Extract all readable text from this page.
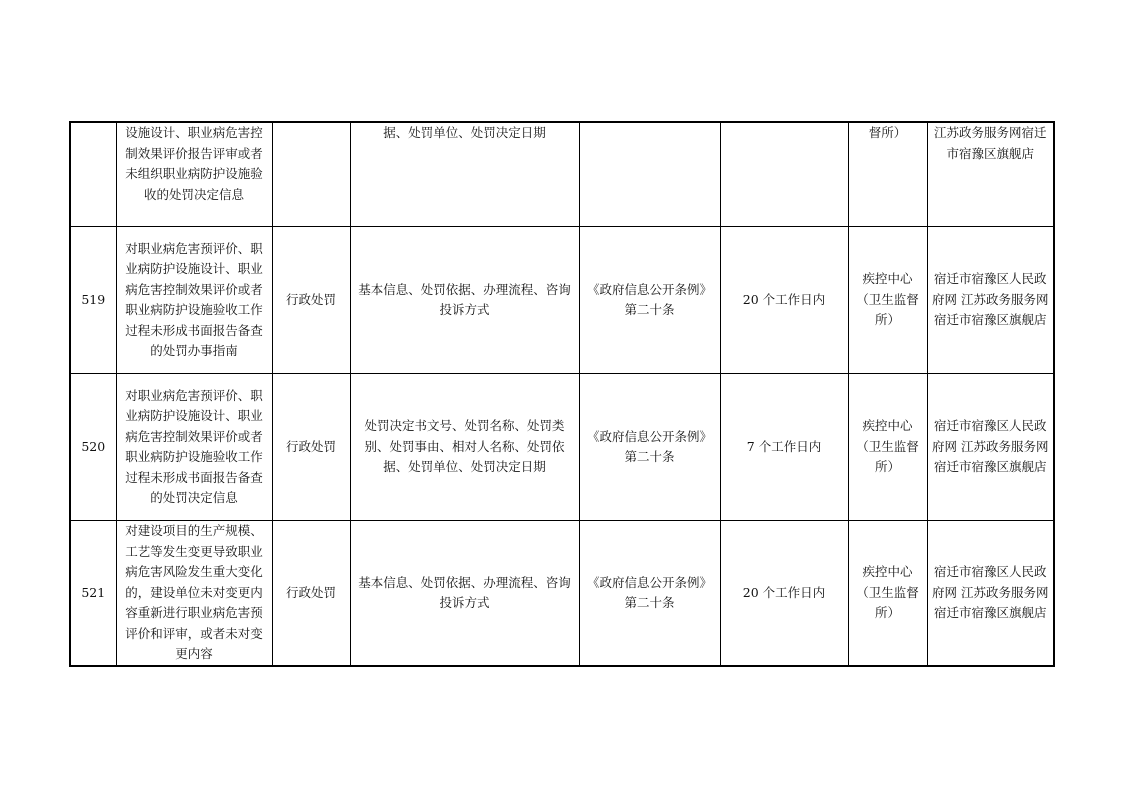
	设施设计、职业病危害控制效果评价报告评审或者未组织职业病防护设施验收的处罚决定信息		据、处罚单位、处罚决定日期			督所）	江苏政务服务网宿迁市宿豫区旗舰店
519	对职业病危害预评价、职业病防护设施设计、职业病危害控制效果评价或者职业病防护设施验收工作过程未形成书面报告备查的处罚办事指南	行政处罚	基本信息、处罚依据、办理流程、咨询投诉方式	《政府信息公开条例》第二十条	20 个工作日内	疾控中心（卫生监督所）	宿迁市宿豫区人民政府网 江苏政务服务网宿迁市宿豫区旗舰店
520	对职业病危害预评价、职业病防护设施设计、职业病危害控制效果评价或者职业病防护设施验收工作过程未形成书面报告备查的处罚决定信息	行政处罚	处罚决定书文号、处罚名称、处罚类别、处罚事由、相对人名称、处罚依据、处罚单位、处罚决定日期	《政府信息公开条例》第二十条	7 个工作日内	疾控中心（卫生监督所）	宿迁市宿豫区人民政府网 江苏政务服务网宿迁市宿豫区旗舰店
521	对建设项目的生产规模、工艺等发生变更导致职业病危害风险发生重大变化的，建设单位未对变更内容重新进行职业病危害预评价和评审，或者未对变更内容	行政处罚	基本信息、处罚依据、办理流程、咨询投诉方式	《政府信息公开条例》第二十条	20 个工作日内	疾控中心（卫生监督所）	宿迁市宿豫区人民政府网 江苏政务服务网宿迁市宿豫区旗舰店
